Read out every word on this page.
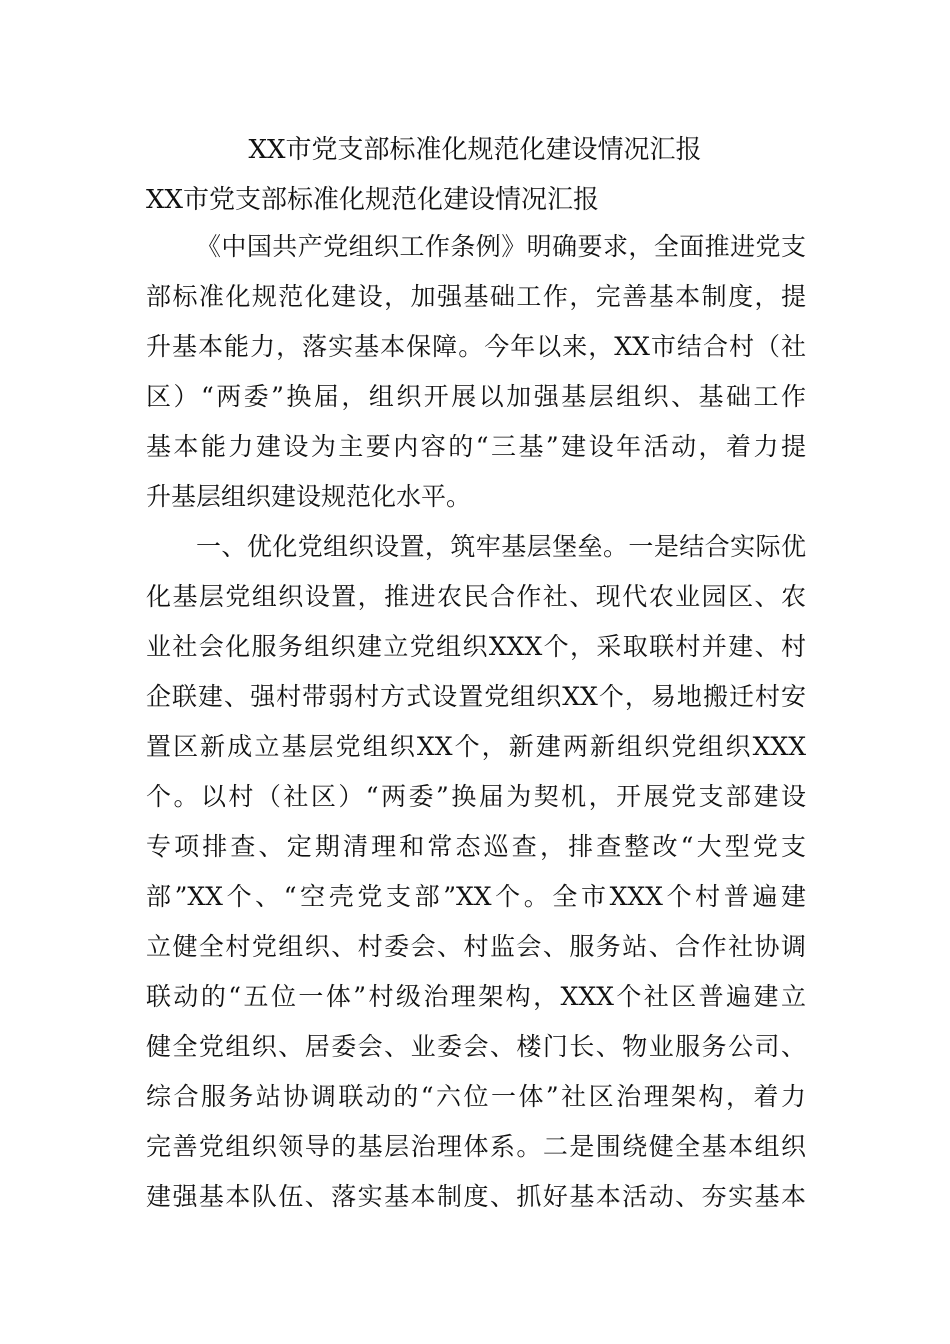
XX市党支部标准化规范化建设情况汇报
XX市党支部标准化规范化建设情况汇报
《中国共产党组织工作条例》明确要求，全面推进党支
部标准化规范化建设，加强基础工作，完善基本制度，提
升基本能力，落实基本保障。今年以来，XX市结合村（社
区）“两委”换届，组织开展以加强基层组织、基础工作
基本能力建设为主要内容的“三基”建设年活动，着力提
升基层组织建设规范化水平。
一、优化党组织设置，筑牢基层堡垒。一是结合实际优
化基层党组织设置，推进农民合作社、现代农业园区、农
业社会化服务组织建立党组织XXX个，采取联村并建、村
企联建、强村带弱村方式设置党组织XX个，易地搬迁村安
置区新成立基层党组织XX个，新建两新组织党组织XXX
个。以村（社区）“两委”换届为契机，开展党支部建设
专项排查、定期清理和常态巡查，排查整改“大型党支
部”XX个、“空壳党支部”XX个。全市XXX个村普遍建
立健全村党组织、村委会、村监会、服务站、合作社协调
联动的“五位一体”村级治理架构，XXX个社区普遍建立
健全党组织、居委会、业委会、楼门长、物业服务公司、
综合服务站协调联动的“六位一体”社区治理架构，着力
完善党组织领导的基层治理体系。二是围绕健全基本组织
建强基本队伍、落实基本制度、抓好基本活动、夯实基本
